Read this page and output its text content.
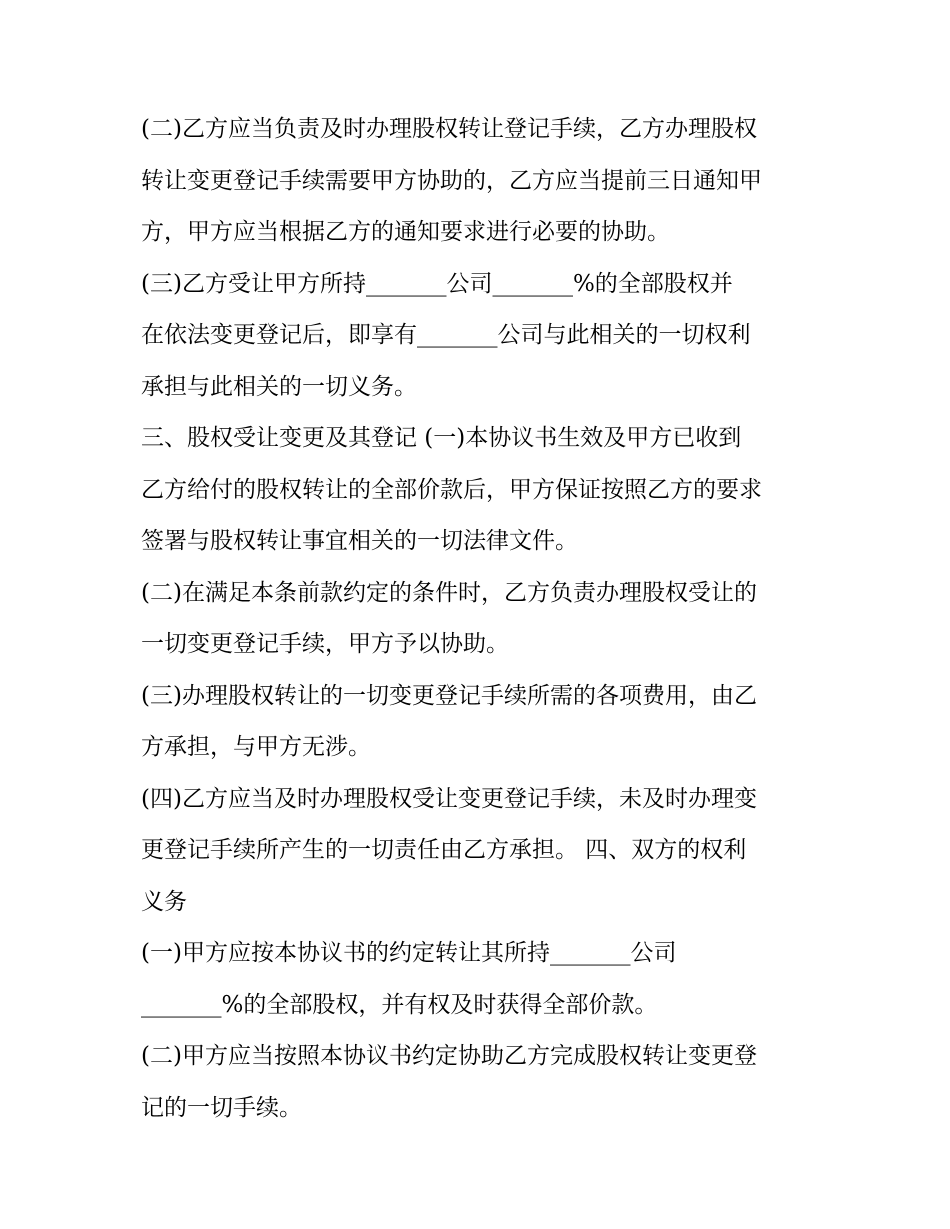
(二)乙方应当负责及时办理股权转让登记手续，乙方办理股权
转让变更登记手续需要甲方协助的，乙方应当提前三日通知甲
方，甲方应当根据乙方的通知要求进行必要的协助。
(三)乙方受让甲方所持_______公司_______%的全部股权并
在依法变更登记后，即享有_______公司与此相关的一切权利
承担与此相关的一切义务。
三、股权受让变更及其登记 (一)本协议书生效及甲方已收到
乙方给付的股权转让的全部价款后，甲方保证按照乙方的要求
签署与股权转让事宜相关的一切法律文件。
(二)在满足本条前款约定的条件时，乙方负责办理股权受让的
一切变更登记手续，甲方予以协助。
(三)办理股权转让的一切变更登记手续所需的各项费用，由乙
方承担，与甲方无涉。
(四)乙方应当及时办理股权受让变更登记手续，未及时办理变
更登记手续所产生的一切责任由乙方承担。 四、双方的权利
义务
(一)甲方应按本协议书的约定转让其所持_______公司
_______%的全部股权，并有权及时获得全部价款。
(二)甲方应当按照本协议书约定协助乙方完成股权转让变更登
记的一切手续。
